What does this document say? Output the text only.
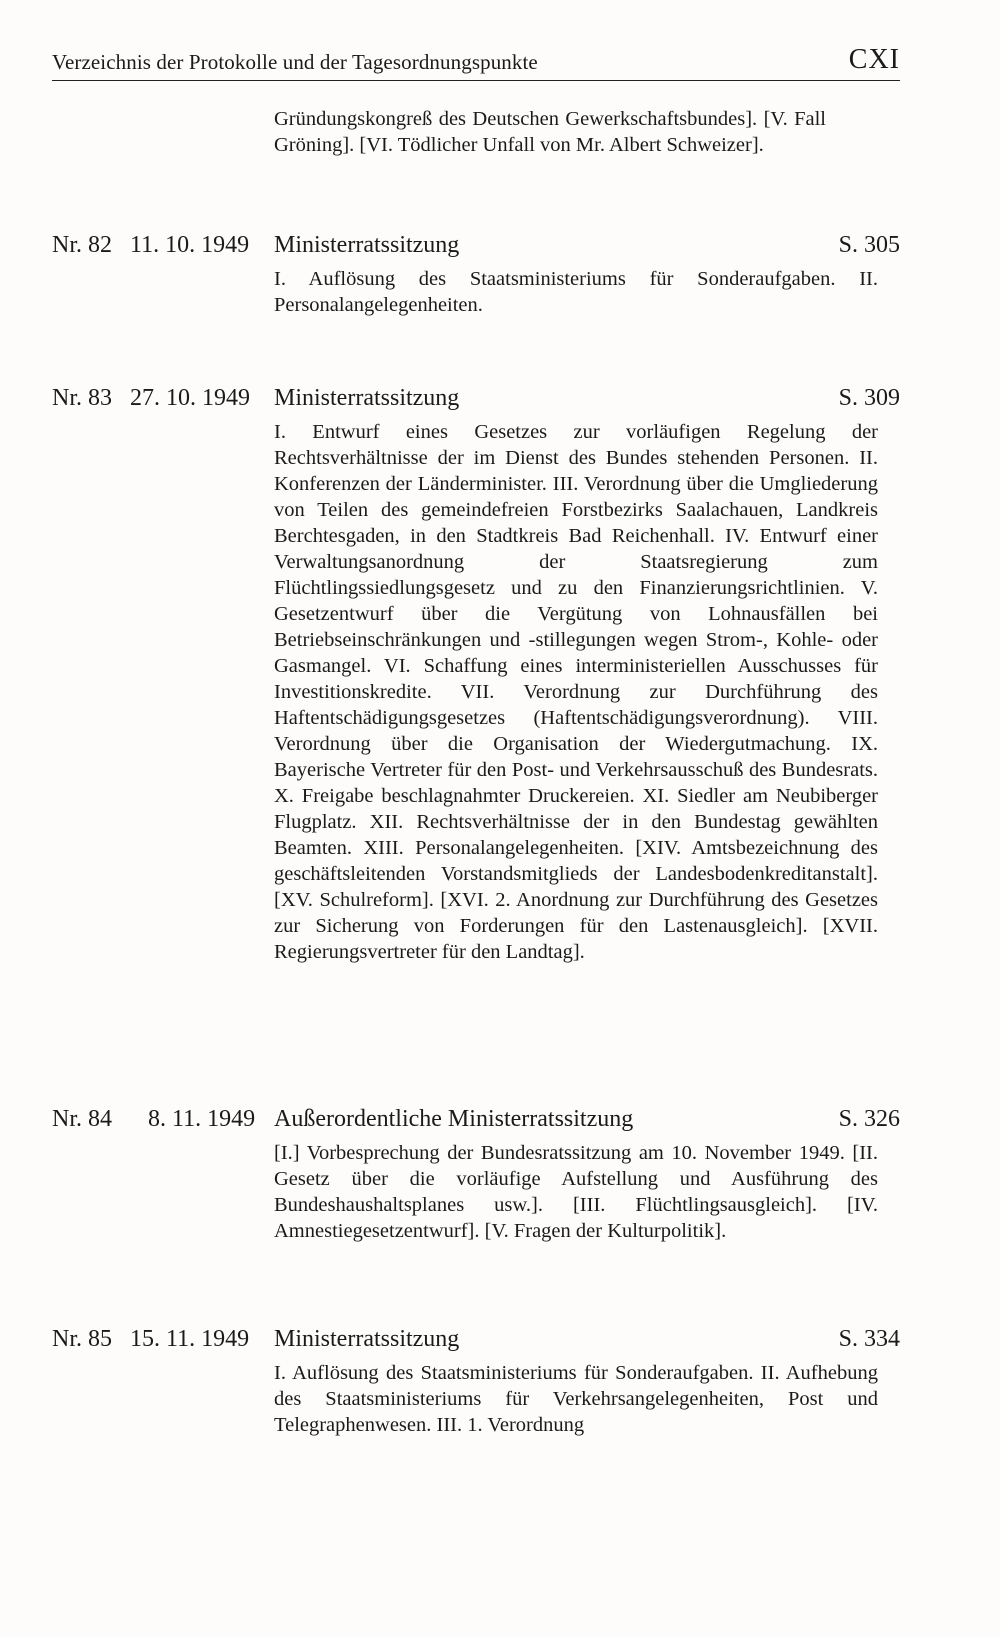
Verzeichnis der Protokolle und der Tagesordnungspunkte	CXI
Gründungskongreß des Deutschen Gewerkschaftsbundes]. [V. Fall Gröning]. [VI. Tödlicher Unfall von Mr. Albert Schweizer].
Nr. 82 11. 10. 1949 Ministerratssitzung	S. 305
I. Auflösung des Staatsministeriums für Sonderaufgaben. II. Personalangelegenheiten.
Nr. 83 27. 10. 1949 Ministerratssitzung	S. 309
I. Entwurf eines Gesetzes zur vorläufigen Regelung der Rechtsverhältnisse der im Dienst des Bundes stehenden Personen. II. Konferenzen der Länderminister. III. Verordnung über die Umgliederung von Teilen des gemeindefreien Forstbezirks Saalachauen, Landkreis Berchtesgaden, in den Stadtkreis Bad Reichenhall. IV. Entwurf einer Verwaltungsanordnung der Staatsregierung zum Flüchtlingssiedlungsgesetz und zu den Finanzierungsrichtlinien. V. Gesetzentwurf über die Vergütung von Lohnausfällen bei Betriebseinschränkungen und -stillegungen wegen Strom-, Kohle- oder Gasmangel. VI. Schaffung eines interministeriellen Ausschusses für Investitionskredite. VII. Verordnung zur Durchführung des Haftentschädigungsgesetzes (Haftentschädigungsverordnung). VIII. Verordnung über die Organisation der Wiedergutmachung. IX. Bayerische Vertreter für den Post- und Verkehrsausschuß des Bundesrats. X. Freigabe beschlagnahmter Druckereien. XI. Siedler am Neubiberger Flugplatz. XII. Rechtsverhältnisse der in den Bundestag gewählten Beamten. XIII. Personalangelegenheiten. [XIV. Amtsbezeichnung des geschäftsleitenden Vorstandsmitglieds der Landesbodenkreditanstalt]. [XV. Schulreform]. [XVI. 2. Anordnung zur Durchführung des Gesetzes zur Sicherung von Forderungen für den Lastenausgleich]. [XVII. Regierungsvertreter für den Landtag].
Nr. 84 8. 11. 1949 Außerordentliche Ministerratssitzung	S. 326
[I.] Vorbesprechung der Bundesratssitzung am 10. November 1949. [II. Gesetz über die vorläufige Aufstellung und Ausführung des Bundeshaushaltsplanes usw.]. [III. Flüchtlingsausgleich]. [IV. Amnestiegesetzentwurf]. [V. Fragen der Kulturpolitik].
Nr. 85 15. 11. 1949 Ministerratssitzung	S. 334
I. Auflösung des Staatsministeriums für Sonderaufgaben. II. Aufhebung des Staatsministeriums für Verkehrsangelegenheiten, Post und Telegraphenwesen. III. 1. Verordnung
